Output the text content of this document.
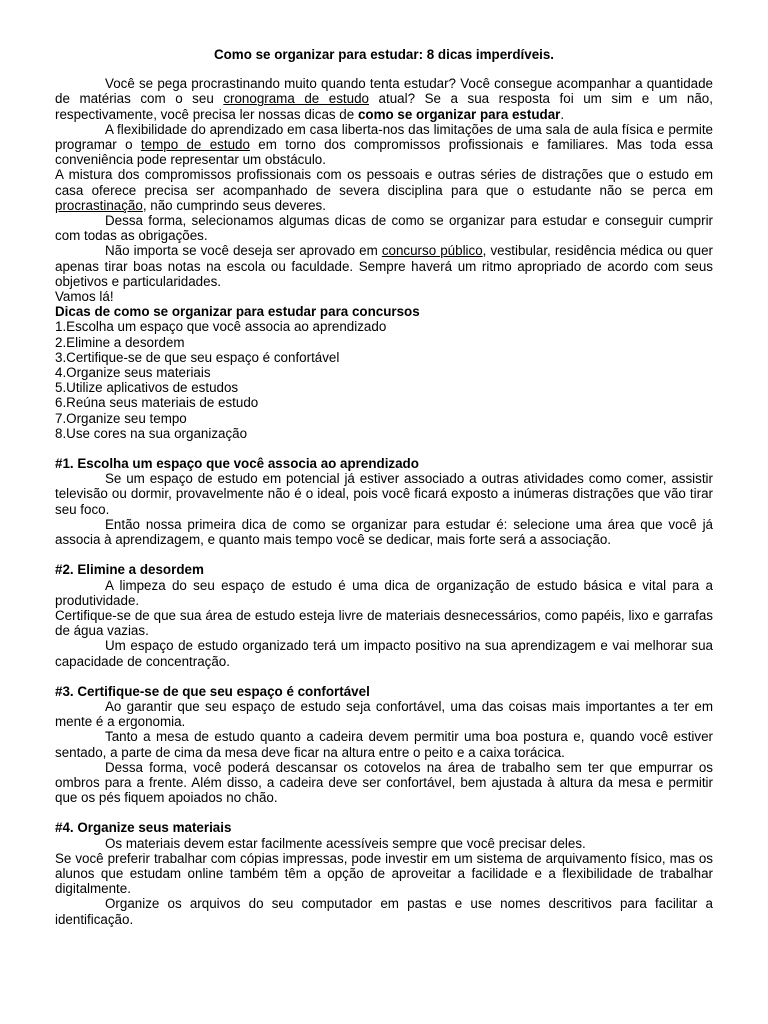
Como se organizar para estudar: 8 dicas imperdíveis.

Você se pega procrastinando muito quando tenta estudar? Você consegue acompanhar a quantidade de matérias com o seu cronograma de estudo atual? Se a sua resposta foi um sim e um não, respectivamente, você precisa ler nossas dicas de como se organizar para estudar.

A flexibilidade do aprendizado em casa liberta-nos das limitações de uma sala de aula física e permite programar o tempo de estudo em torno dos compromissos profissionais e familiares. Mas toda essa conveniência pode representar um obstáculo.

A mistura dos compromissos profissionais com os pessoais e outras séries de distrações que o estudo em casa oferece precisa ser acompanhado de severa disciplina para que o estudante não se perca em procrastinação, não cumprindo seus deveres.

Dessa forma, selecionamos algumas dicas de como se organizar para estudar e conseguir cumprir com todas as obrigações.

Não importa se você deseja ser aprovado em concurso público, vestibular, residência médica ou quer apenas tirar boas notas na escola ou faculdade. Sempre haverá um ritmo apropriado de acordo com seus objetivos e particularidades.

Vamos lá!

Dicas de como se organizar para estudar para concursos

1.Escolha um espaço que você associa ao aprendizado

2.Elimine a desordem

3.Certifique-se de que seu espaço é confortável

4.Organize seus materiais

5.Utilize aplicativos de estudos

6.Reúna seus materiais de estudo

7.Organize seu tempo

8.Use cores na sua organização

#1. Escolha um espaço que você associa ao aprendizado

Se um espaço de estudo em potencial já estiver associado a outras atividades como comer, assistir televisão ou dormir, provavelmente não é o ideal, pois você ficará exposto a inúmeras distrações que vão tirar seu foco.

Então nossa primeira dica de como se organizar para estudar é: selecione uma área que você já associa à aprendizagem, e quanto mais tempo você se dedicar, mais forte será a associação.

#2. Elimine a desordem

A limpeza do seu espaço de estudo é uma dica de organização de estudo básica e vital para a produtividade.

Certifique-se de que sua área de estudo esteja livre de materiais desnecessários, como papéis, lixo e garrafas de água vazias.

Um espaço de estudo organizado terá um impacto positivo na sua aprendizagem e vai melhorar sua capacidade de concentração.

#3. Certifique-se de que seu espaço é confortável

Ao garantir que seu espaço de estudo seja confortável, uma das coisas mais importantes a ter em mente é a ergonomia.

Tanto a mesa de estudo quanto a cadeira devem permitir uma boa postura e, quando você estiver sentado, a parte de cima da mesa deve ficar na altura entre o peito e a caixa torácica.

Dessa forma, você poderá descansar os cotovelos na área de trabalho sem ter que empurrar os ombros para a frente. Além disso, a cadeira deve ser confortável, bem ajustada à altura da mesa e permitir que os pés fiquem apoiados no chão.

#4. Organize seus materiais

Os materiais devem estar facilmente acessíveis sempre que você precisar deles.

Se você preferir trabalhar com cópias impressas, pode investir em um sistema de arquivamento físico, mas os alunos que estudam online também têm a opção de aproveitar a facilidade e a flexibilidade de trabalhar digitalmente.

Organize os arquivos do seu computador em pastas e use nomes descritivos para facilitar a identificação.
